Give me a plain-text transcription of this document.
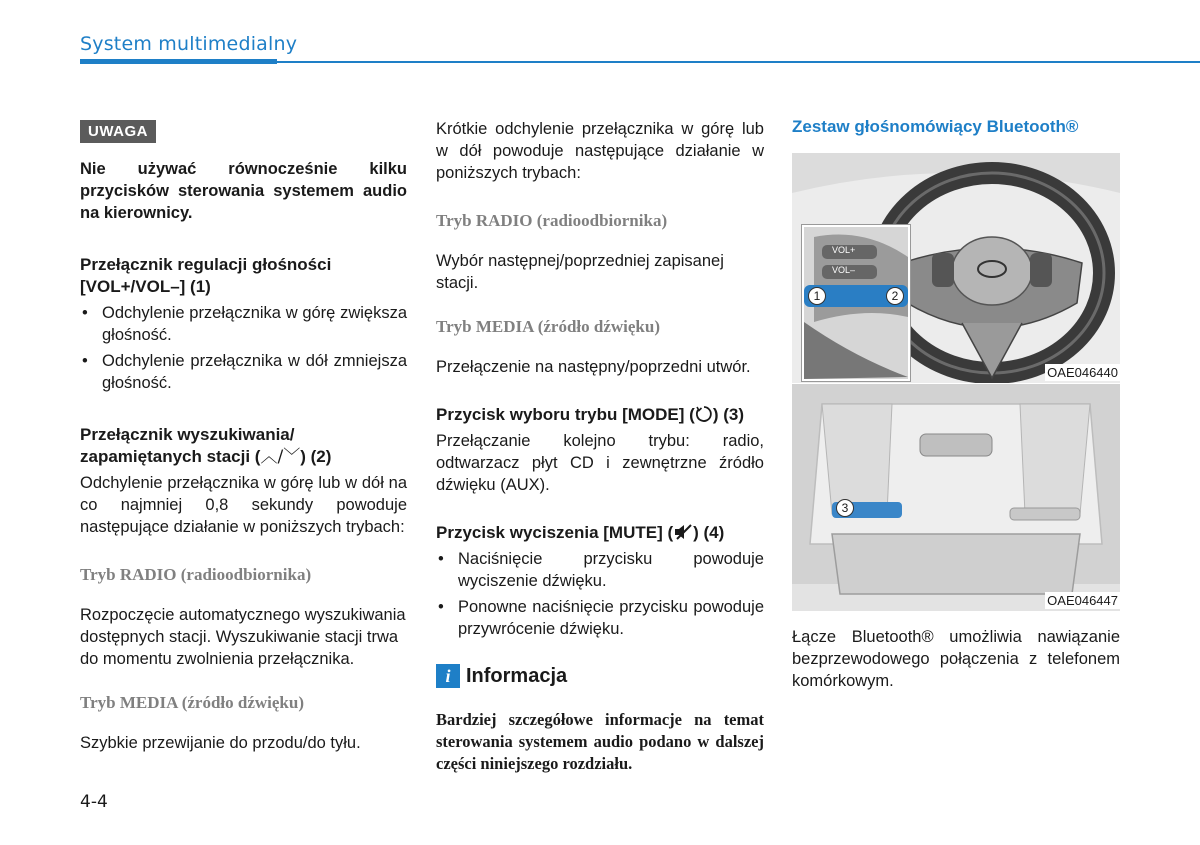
System multimedialny
UWAGA

Nie używać równocześnie kilku przycisków sterowania systemem audio na kierownicy.

Przełącznik regulacji głośności

[VOL+/VOL–] (1)

• Odchylenie przełącznika w górę zwiększa głośność.
• Odchylenie przełącznika w dół zmniejsza głośność.

Przełącznik wyszukiwania/

zapamiętanych stacji (︿/﹀) (2)

Odchylenie przełącznika w górę lub w dół na co najmniej 0,8 sekundy powoduje następujące działanie w poniższych trybach:

Tryb RADIO (radioodbiornika)

Rozpoczęcie automatycznego wyszukiwania dostępnych stacji. Wyszukiwanie stacji trwa do momentu zwolnienia przełącznika.

Tryb MEDIA (źródło dźwięku)

Szybkie przewijanie do przodu/do tyłu.

Krótkie odchylenie przełącznika w górę lub w dół powoduje następujące działanie w poniższych trybach:

Tryb RADIO (radioodbiornika)

Wybór następnej/poprzedniej zapisanej stacji.

Tryb MEDIA (źródło dźwięku)

Przełączenie na następny/poprzedni utwór.

Przycisk wyboru trybu [MODE] ( ) (3)

Przełączanie kolejno trybu: radio, odtwarzacz płyt CD i zewnętrzne źródło dźwięku (AUX).

Przycisk wyciszenia [MUTE] ( ) (4)

• Naciśnięcie przycisku powoduje wyciszenie dźwięku.
• Ponowne naciśnięcie przycisku powoduje przywrócenie dźwięku.
i Informacja

Bardziej szczegółowe informacje na temat sterowania systemem audio podano w dalszej części niniejszego rozdziału.

Zestaw głośnomówiący Bluetooth®
VOL+
VOL–
1	2
OAE046440
3
OAE046447

Łącze Bluetooth® umożliwia nawiązanie bezprzewodowego połączenia z telefonem komórkowym.

4-4
